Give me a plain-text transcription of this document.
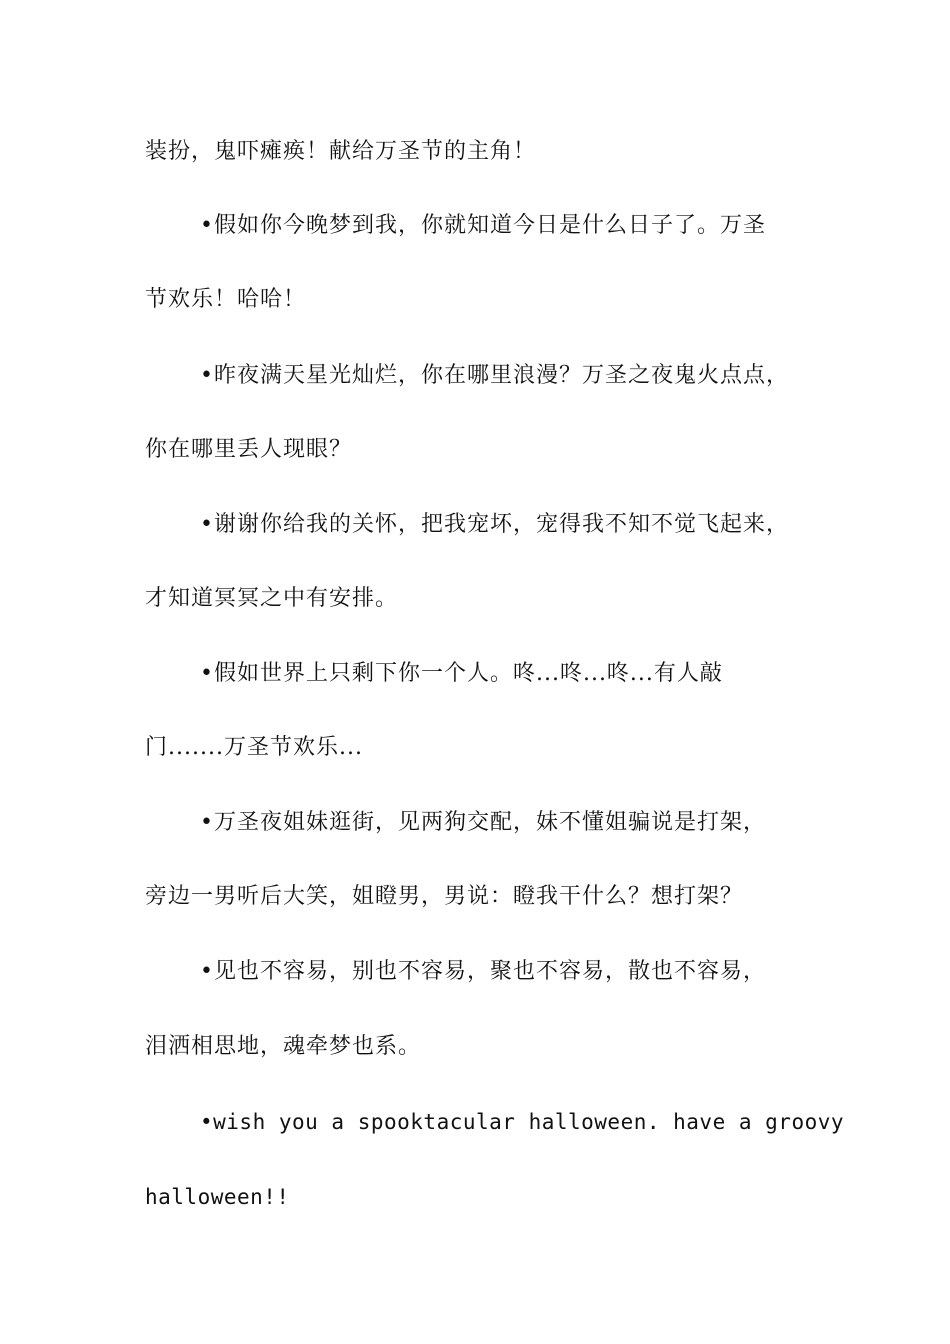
装扮，鬼吓瘫痪！献给万圣节的主角！
•假如你今晚梦到我，你就知道今日是什么日子了。万圣
节欢乐！哈哈！
•昨夜满天星光灿烂，你在哪里浪漫？万圣之夜鬼火点点，
你在哪里丢人现眼？
•谢谢你给我的关怀，把我宠坏，宠得我不知不觉飞起来，
才知道冥冥之中有安排。
•假如世界上只剩下你一个人。咚...咚...咚...有人敲
门.......万圣节欢乐...
•万圣夜姐妹逛街，见两狗交配，妹不懂姐骗说是打架，
旁边一男听后大笑，姐瞪男，男说：瞪我干什么？想打架？
•见也不容易，别也不容易，聚也不容易，散也不容易，
泪洒相思地，魂牵梦也系。
•wish you a spooktacular halloween. have a groovy
halloween!!
